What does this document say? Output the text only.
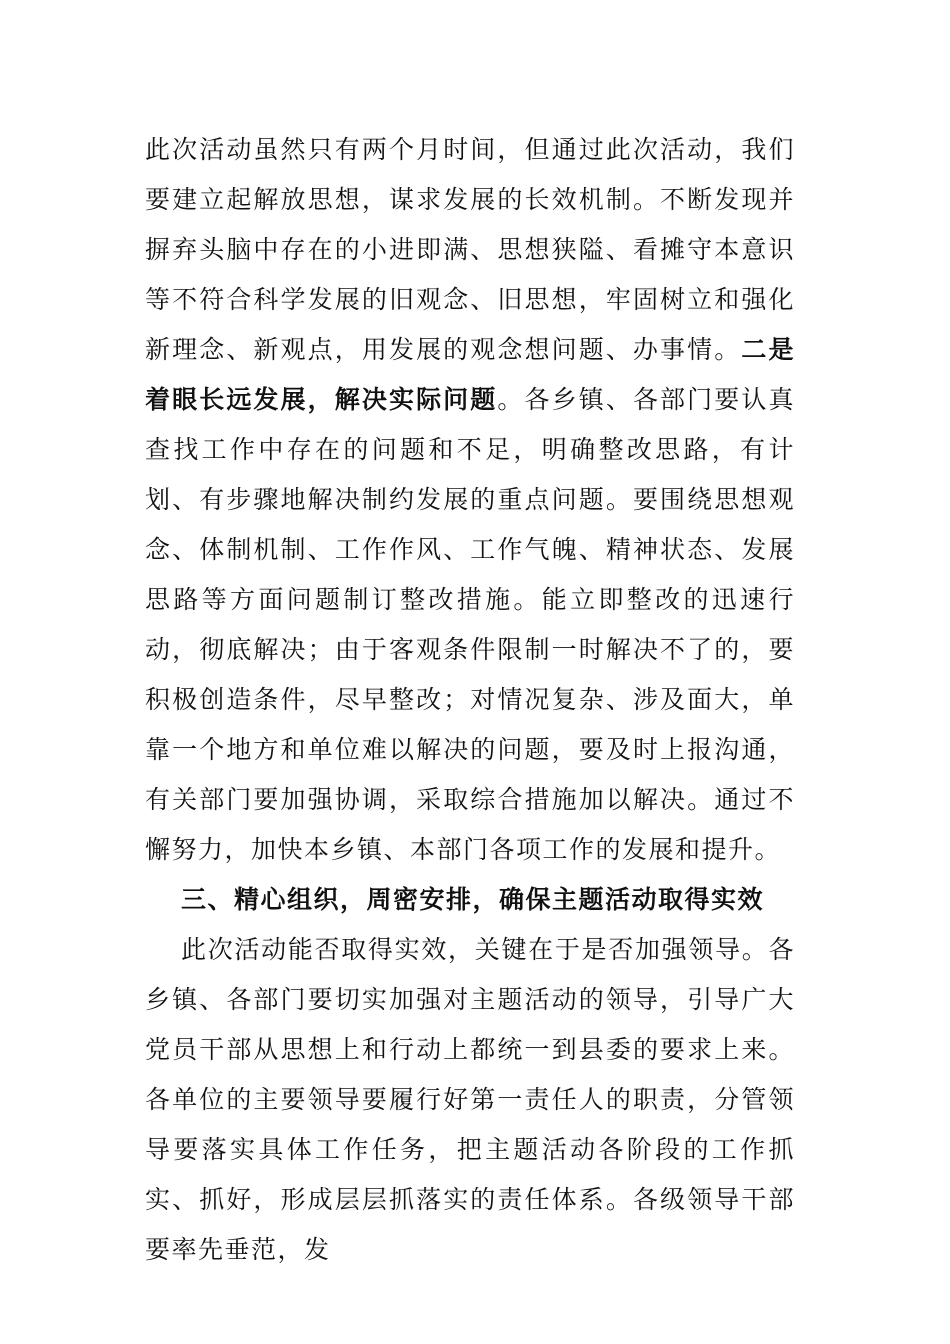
此次活动虽然只有两个月时间，但通过此次活动，我们要建立起解放思想，谋求发展的长效机制。不断发现并摒弃头脑中存在的小进即满、思想狭隘、看摊守本意识等不符合科学发展的旧观念、旧思想，牢固树立和强化新理念、新观点，用发展的观念想问题、办事情。二是着眼长远发展，解决实际问题。各乡镇、各部门要认真查找工作中存在的问题和不足，明确整改思路，有计划、有步骤地解决制约发展的重点问题。要围绕思想观念、体制机制、工作作风、工作气魄、精神状态、发展思路等方面问题制订整改措施。能立即整改的迅速行动，彻底解决；由于客观条件限制一时解决不了的，要积极创造条件，尽早整改；对情况复杂、涉及面大，单靠一个地方和单位难以解决的问题，要及时上报沟通，有关部门要加强协调，采取综合措施加以解决。通过不懈努力，加快本乡镇、本部门各项工作的发展和提升。

三、精心组织，周密安排，确保主题活动取得实效

此次活动能否取得实效，关键在于是否加强领导。各乡镇、各部门要切实加强对主题活动的领导，引导广大党员干部从思想上和行动上都统一到县委的要求上来。各单位的主要领导要履行好第一责任人的职责，分管领导要落实具体工作任务，把主题活动各阶段的工作抓实、抓好，形成层层抓落实的责任体系。各级领导干部要率先垂范，发
